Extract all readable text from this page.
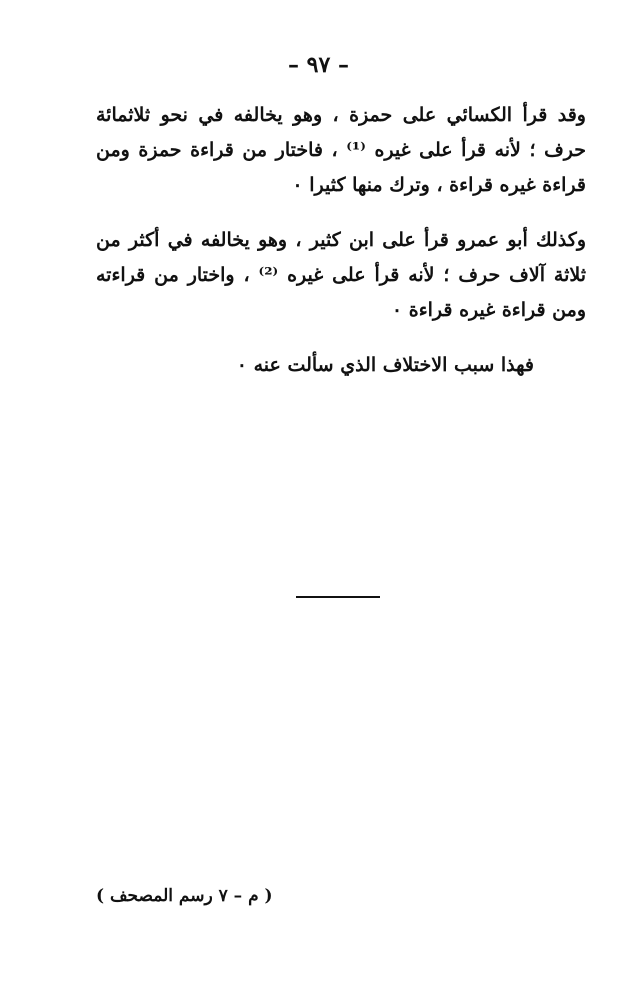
– ٩٧ –

وقد قرأ الكسائي على حمزة ، وهو يخالفه في نحو ثلاثمائة حرف ؛ لأنه قرأ على غيره ⁽¹⁾ ، فاختار من قراءة حمزة ومن قراءة غيره قراءة ، وترك منها كثيرا ٠

وكذلك أبو عمرو قرأ على ابن كثير ، وهو يخالفه في أكثر من ثلاثة آلاف حرف ؛ لأنه قرأ على غيره ⁽²⁾ ، واختار من قراءته ومن قراءة غيره قراءة ٠

فهذا سبب الاختلاف الذي سألت عنه ٠

( م – ٧ رسم المصحف )
